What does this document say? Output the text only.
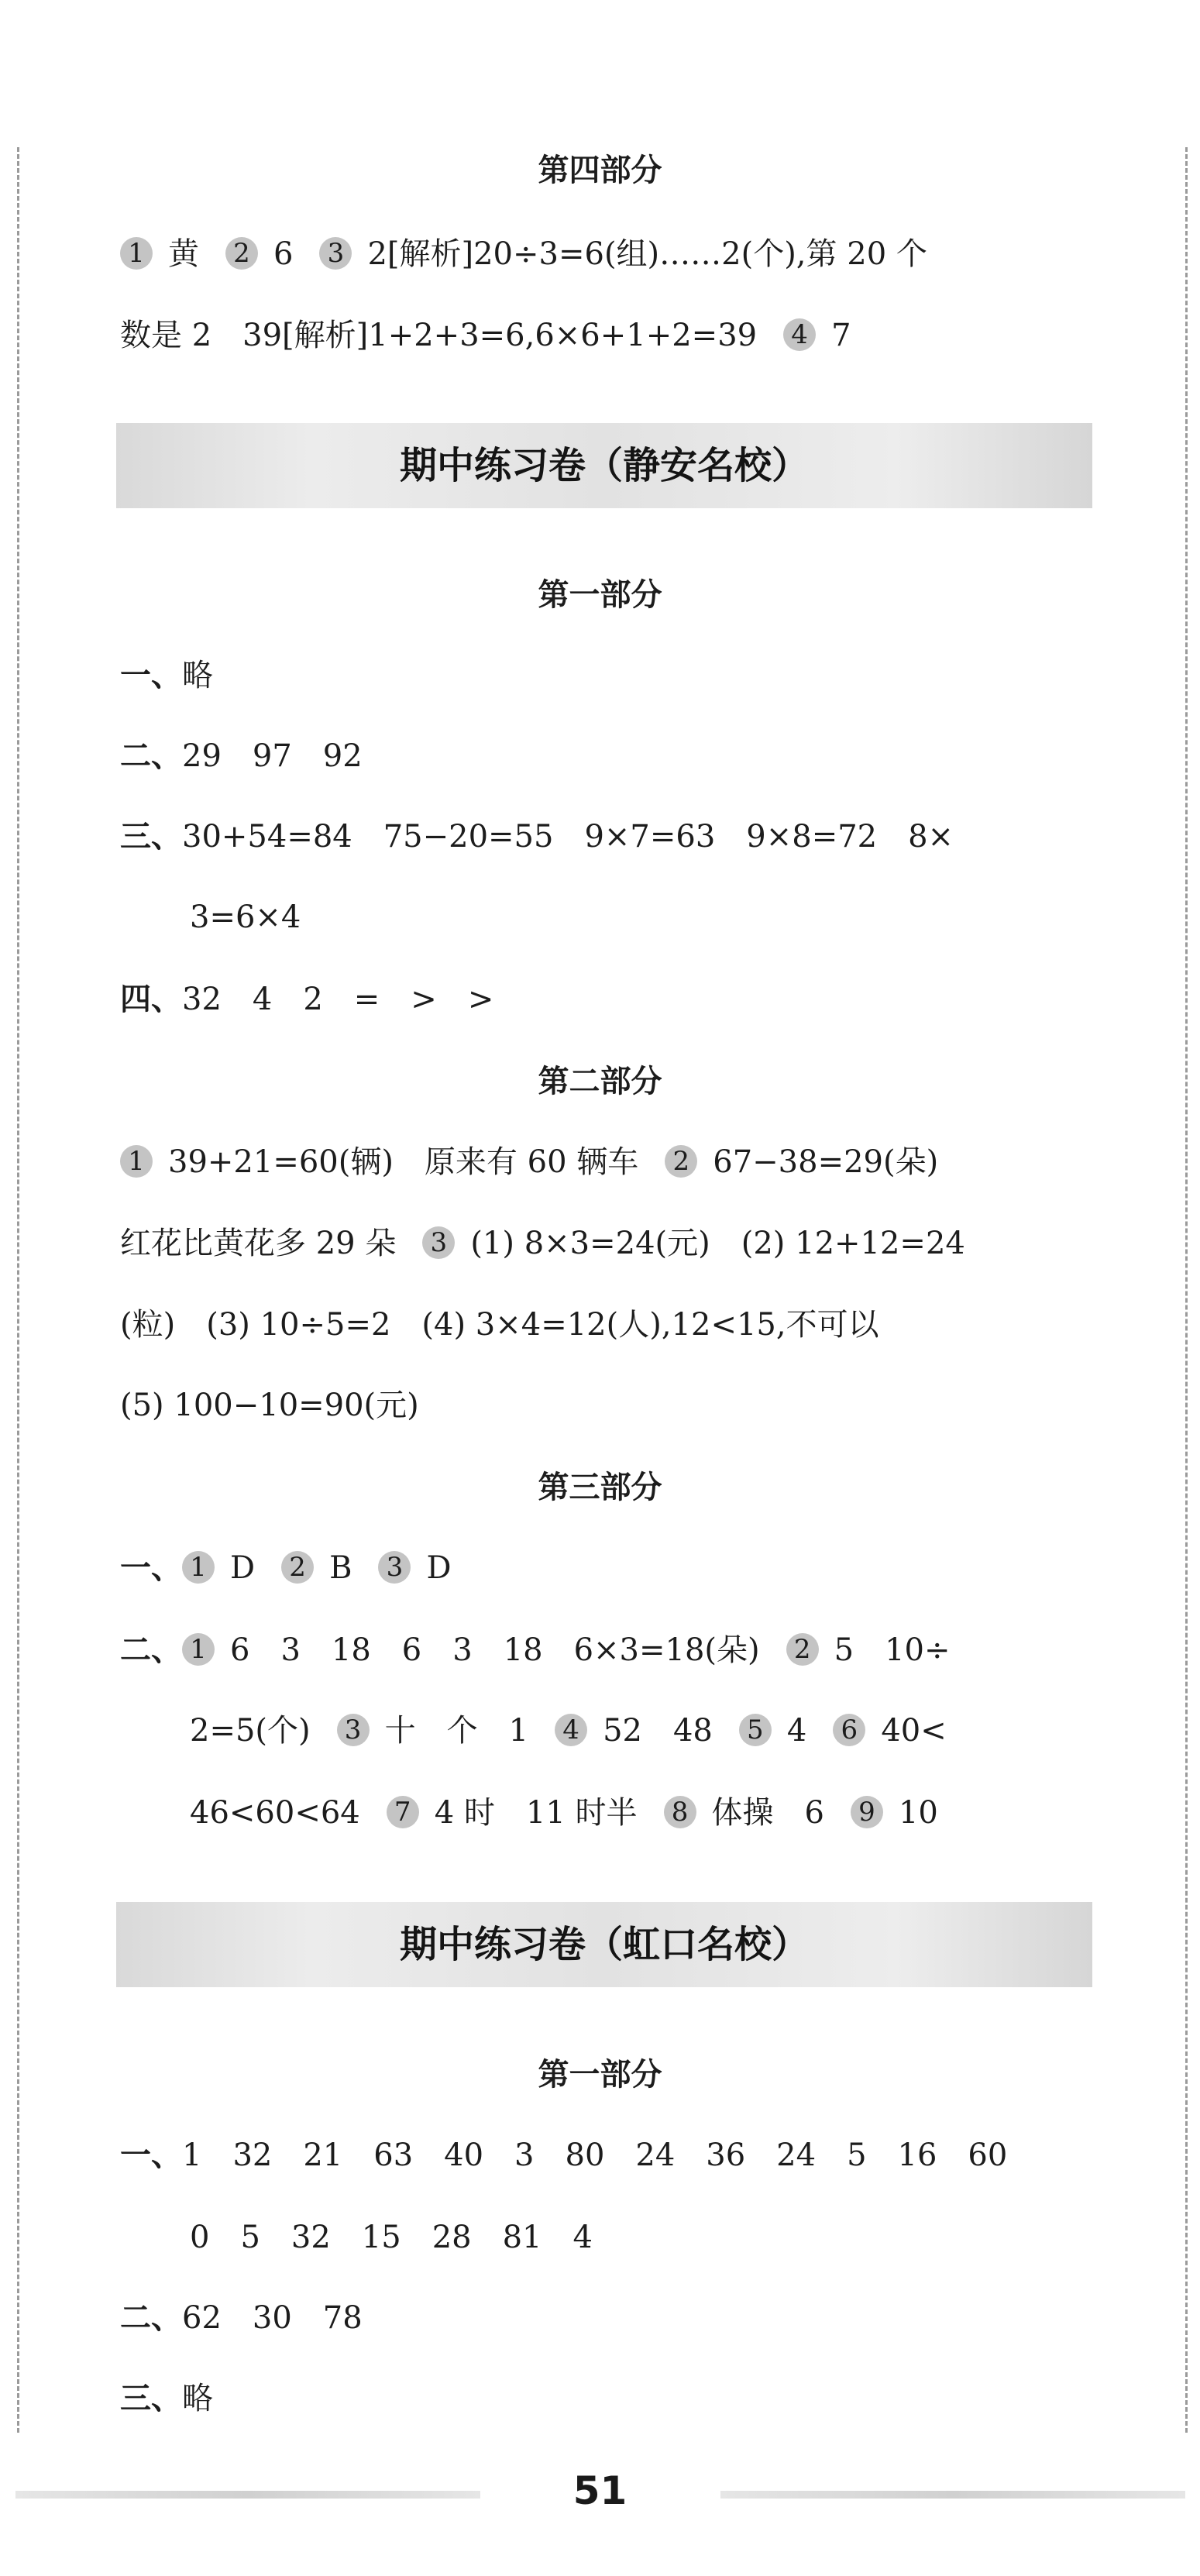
第四部分
1 黄 2 6 3 2[解析]20÷3=6(组)……2(个),第 20 个
数是 2　39[解析]1+2+3=6,6×6+1+2=39 4 7
期中练习卷（静安名校）
第一部分
一、略
二、29　97　92
三、30+54=84　75−20=55　9×7=63　9×8=72　8×
3=6×4
四、32　4　2　=　>　>
第二部分
1 39+21=60(辆)　原来有 60 辆车 2 67−38=29(朵)
红花比黄花多 29 朵 3 (1) 8×3=24(元)　(2) 12+12=24
(粒)　(3) 10÷5=2　(4) 3×4=12(人),12<15,不可以
(5) 100−10=90(元)
第三部分
一、 1 D 2 B 3 D
二、 1 6　3　18　6　3　18　6×3=18(朵) 2 5　10÷
2=5(个) 3 十　个　1 4 52　48 5 4 6 40<
46<60<64 7 4 时　11 时半 8 体操　6 9 10
期中练习卷（虹口名校）
第一部分
一、1　32　21　63　40　3　80　24　36　24　5　16　60
0　5　32　15　28　81　4
二、62　30　78
三、略
51
